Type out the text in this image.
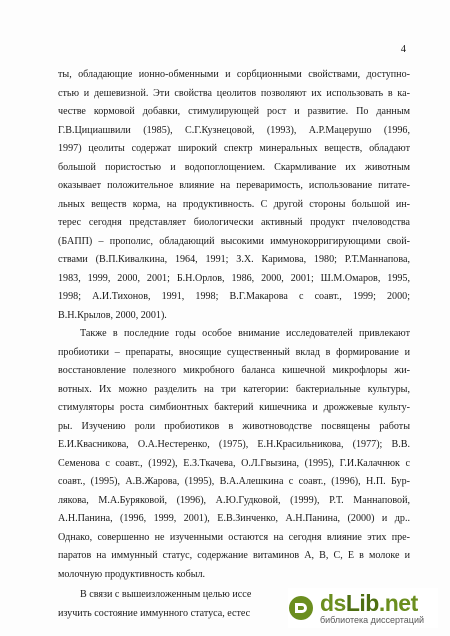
4
ты, обладающие ионно-обменными и сорбционными свойствами, доступно-
стью и дешевизной. Эти свойства цеолитов позволяют их использовать в ка-
честве кормовой добавки, стимулирующей рост и развитие. По данным
Г.В.Цициашвили (1985), С.Г.Кузнецовой, (1993), А.Р.Мацерушо (1996,
1997) цеолиты содержат широкий спектр минеральных веществ, обладают
большой пористостью и водопоглощением. Скармливание их животным
оказывает положительное влияние на переваримость, использование питате-
льных веществ корма, на продуктивность. С другой стороны большой ин-
терес сегодня представляет биологически активный продукт пчеловодства
(БАПП) – прополис, обладающий высокими иммунокорригирующими свой-
ствами (В.П.Кивалкина, 1964, 1991; З.Х. Каримова, 1980; Р.Т.Маннапова,
1983, 1999, 2000, 2001; Б.Н.Орлов, 1986, 2000, 2001; Ш.М.Омаров, 1995,
1998; А.И.Тихонов, 1991, 1998; В.Г.Макарова с соавт., 1999; 2000;
В.Н.Крылов, 2000, 2001).
Также в последние годы особое внимание исследователей привлекают
пробиотики – препараты, вносящие существенный вклад в формирование и
восстановление полезного микробного баланса кишечной микрофлоры жи-
вотных. Их можно разделить на три категории: бактериальные культуры,
стимуляторы роста симбионтных бактерий кишечника и дрожжевые культу-
ры. Изучению роли пробиотиков в животноводстве посвящены работы
Е.И.Квасникова, О.А.Нестеренко, (1975), Е.Н.Красильникова, (1977); В.В.
Семенова с соавт., (1992), Е.З.Ткачева, О.Л.Гвызина, (1995), Г.И.Калачнюк с
соавт., (1995), А.В.Жарова, (1995), В.А.Алешкина с соавт., (1996), Н.П. Бур-
лякова, М.А.Буряковой, (1996), А.Ю.Гудковой, (1999), Р.Т. Маннаповой,
А.Н.Панина, (1996, 1999, 2001), Е.В.Зинченко, А.Н.Панина, (2000) и др..
Однако, совершенно не изученными остаются на сегодня влияние этих пре-
паратов на иммунный статус, содержание витаминов А, В, С, Е в молоке и
молочную продуктивность кобыл.
В связи с вышеизложенным целью иссе
изучить состояние иммунного статуса, естес	dsLib.net
библиотека диссертаций
